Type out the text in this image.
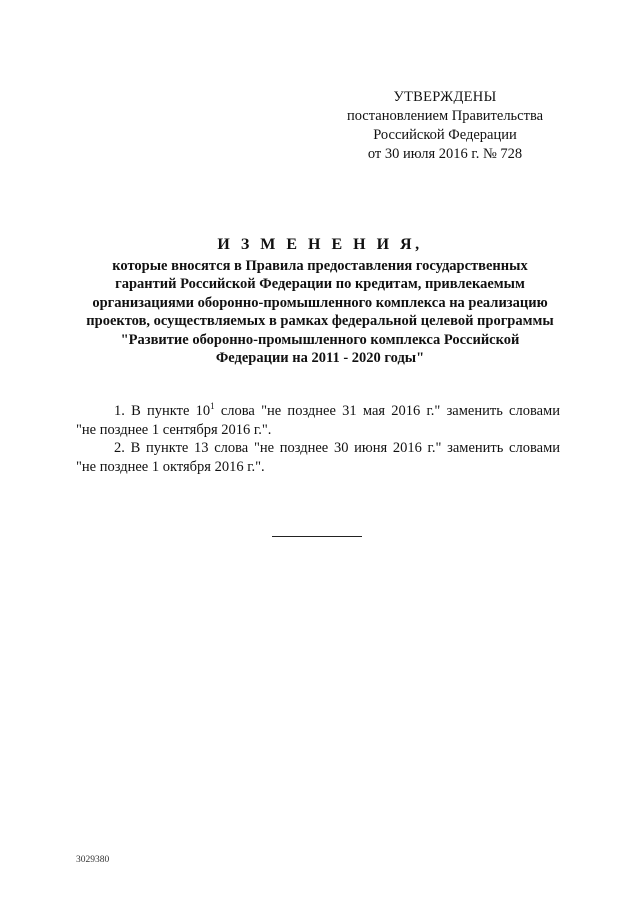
УТВЕРЖДЕНЫ
постановлением Правительства
Российской Федерации
от 30 июля 2016 г. № 728
И З М Е Н Е Н И Я,
которые вносятся в Правила предоставления государственных
гарантий Российской Федерации по кредитам, привлекаемым
организациями оборонно-промышленного комплекса на реализацию
проектов, осуществляемых в рамках федеральной целевой программы
"Развитие оборонно-промышленного комплекса Российской
Федерации на 2011 - 2020 годы"
1. В пункте $10^1$ слова "не позднее 31 мая 2016 г." заменить словами
"не позднее 1 сентября 2016 г.".
2. В пункте 13 слова "не позднее 30 июня 2016 г." заменить словами
"не позднее 1 октября 2016 г.".
3029380
